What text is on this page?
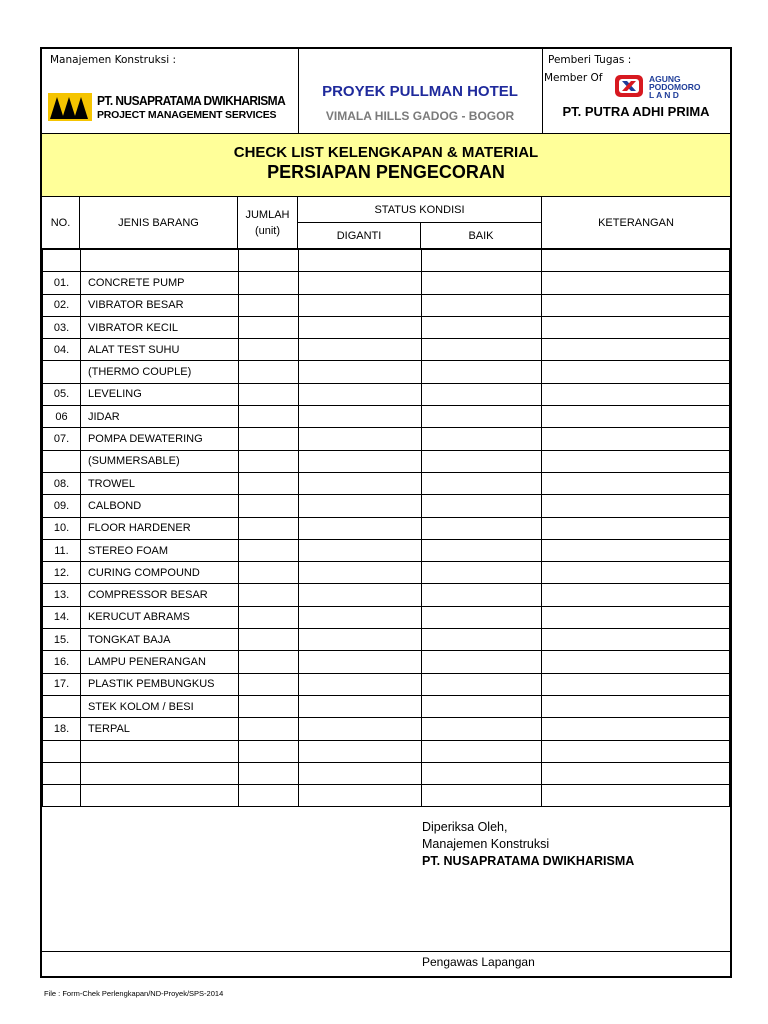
Manajemen Konstruksi :
PT. NUSAPRATAMA DWIKHARISMA
PROJECT MANAGEMENT SERVICES
PROYEK PULLMAN HOTEL
VIMALA HILLS GADOG - BOGOR
Pemberi Tugas :
Member Of	AGUNG
PODOMORO
L A N D
PT. PUTRA ADHI PRIMA
CHECK LIST KELENGKAPAN & MATERIAL
PERSIAPAN PENGECORAN
NO.	JENIS BARANG
JUMLAH
(unit)
STATUS KONDISI
DIGANTI	BAIK
KETERANGAN

01.	CONCRETE PUMP				
02.	VIBRATOR BESAR				
03.	VIBRATOR KECIL				
04.	ALAT TEST SUHU				
	(THERMO COUPLE)				
05.	LEVELING				
06	JIDAR				
07.	POMPA DEWATERING				
	(SUMMERSABLE)				
08.	TROWEL				
09.	CALBOND				
10.	FLOOR HARDENER				
11.	STEREO FOAM				
12.	CURING COMPOUND				
13.	COMPRESSOR BESAR				
14.	KERUCUT ABRAMS				
15.	TONGKAT BAJA				
16.	LAMPU PENERANGAN				
17.	PLASTIK PEMBUNGKUS				
	STEK KOLOM / BESI				
18.	TERPAL				

Diperiksa Oleh,
Manajemen Konstruksi
PT. NUSAPRATAMA DWIKHARISMA
Pengawas Lapangan
File : Form-Chek Perlengkapan/ND-Proyek/SPS-2014
